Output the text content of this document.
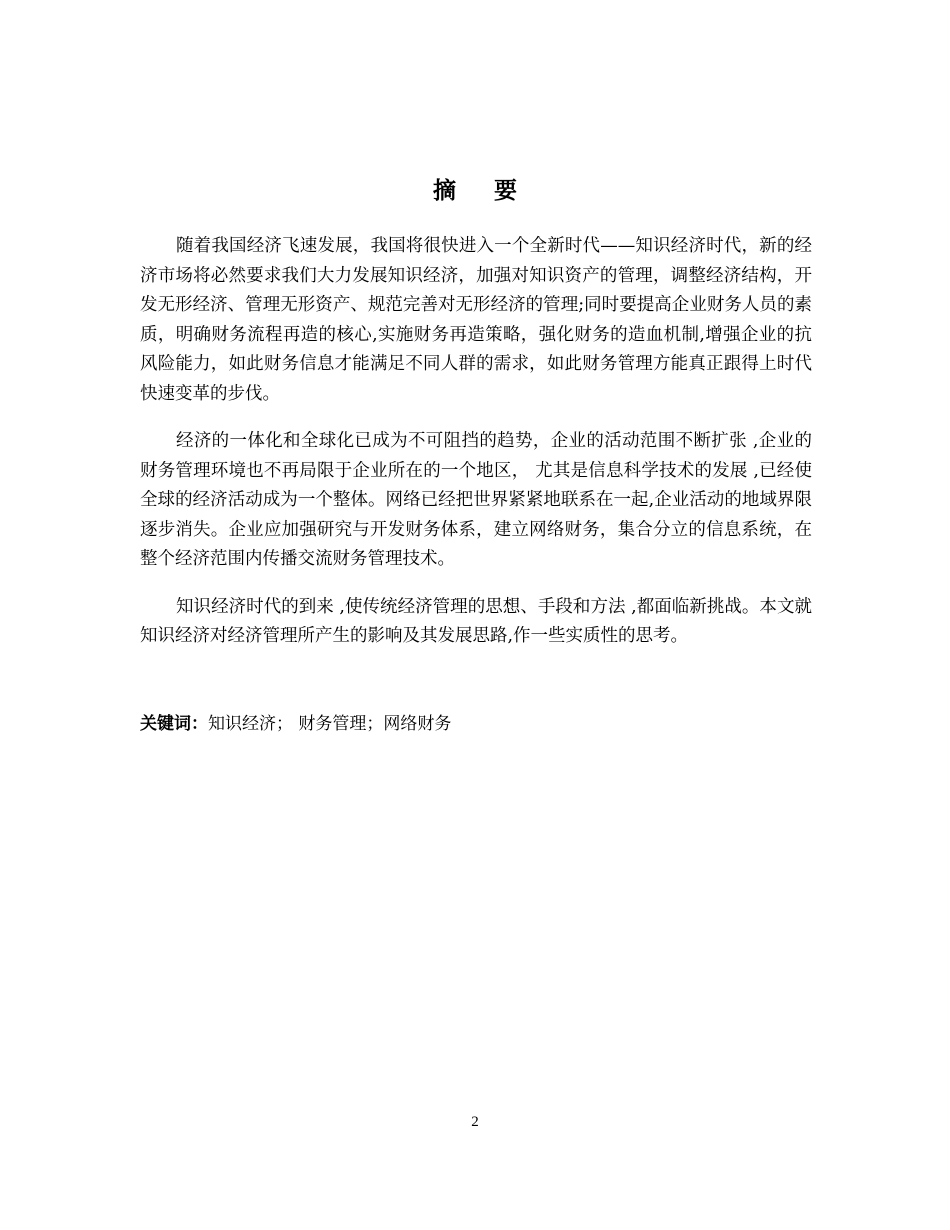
摘要

随着我国经济飞速发展，我国将很快进入一个全新时代——知识经济时代，新的经济市场将必然要求我们大力发展知识经济，加强对知识资产的管理，调整经济结构，开发无形经济、管理无形资产、规范完善对无形经济的管理;同时要提高企业财务人员的素质，明确财务流程再造的核心,实施财务再造策略，强化财务的造血机制,增强企业的抗风险能力，如此财务信息才能满足不同人群的需求，如此财务管理方能真正跟得上时代快速变革的步伐。

经济的一体化和全球化已成为不可阻挡的趋势，企业的活动范围不断扩张 ,企业的财务管理环境也不再局限于企业所在的一个地区， 尤其是信息科学技术的发展 ,已经使全球的经济活动成为一个整体。网络已经把世界紧紧地联系在一起,企业活动的地域界限逐步消失。企业应加强研究与开发财务体系，建立网络财务，集合分立的信息系统，在整个经济范围内传播交流财务管理技术。

知识经济时代的到来 ,使传统经济管理的思想、手段和方法 ,都面临新挑战。本文就知识经济对经济管理所产生的影响及其发展思路,作一些实质性的思考。

关键词：知识经济； 财务管理；网络财务
2
